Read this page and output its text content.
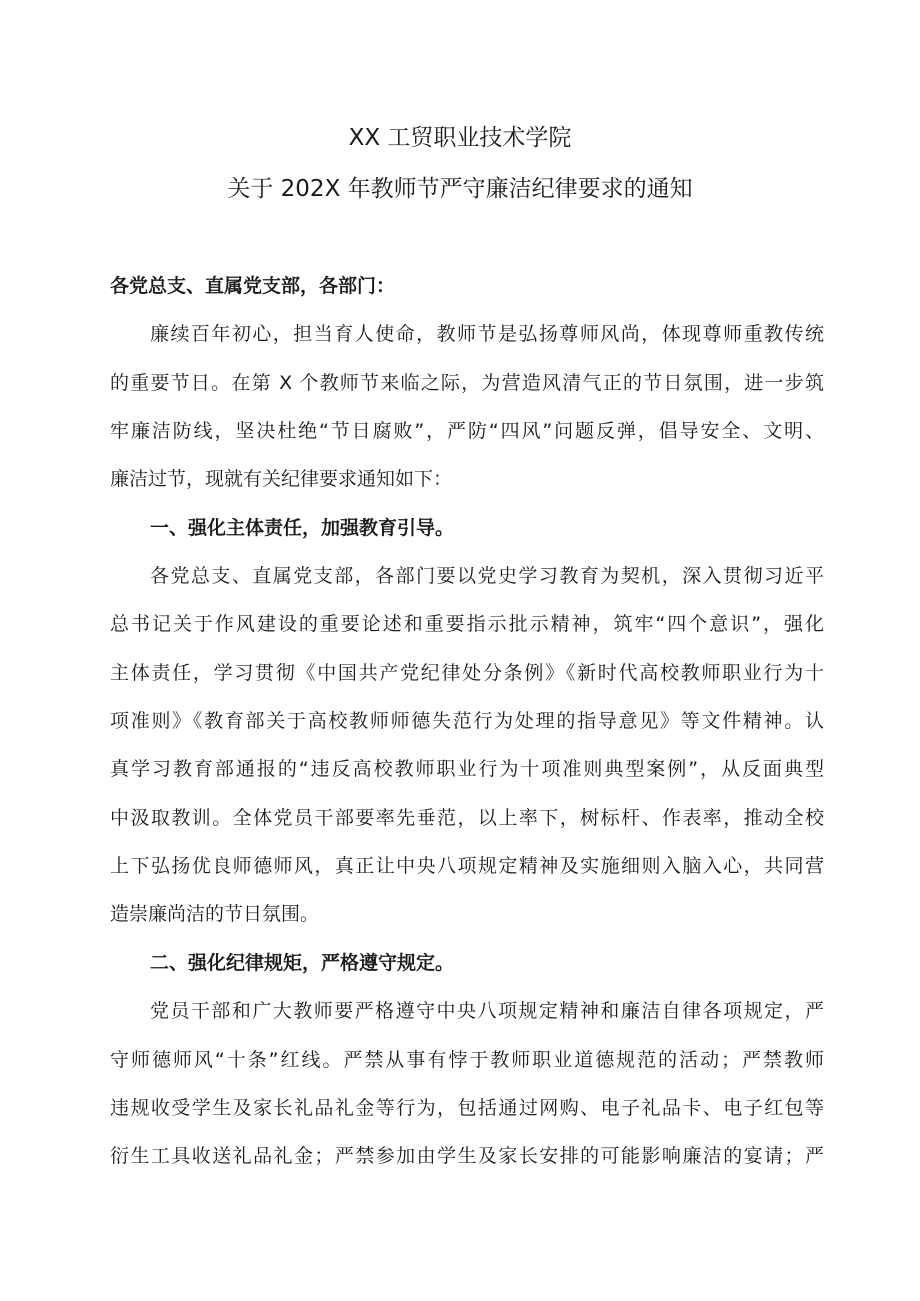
XX 工贸职业技术学院
关于 202X 年教师节严守廉洁纪律要求的通知
各党总支、直属党支部，各部门：
廉续百年初心，担当育人使命，教师节是弘扬尊师风尚，体现尊师重教传统
的重要节日。在第 X 个教师节来临之际，为营造风清气正的节日氛围，进一步筑
牢廉洁防线，坚决杜绝“节日腐败”，严防“四风”问题反弹，倡导安全、文明、
廉洁过节，现就有关纪律要求通知如下：
一、强化主体责任，加强教育引导。
各党总支、直属党支部，各部门要以党史学习教育为契机，深入贯彻习近平
总书记关于作风建设的重要论述和重要指示批示精神，筑牢“四个意识”，强化
主体责任，学习贯彻《中国共产党纪律处分条例》《新时代高校教师职业行为十
项准则》《教育部关于高校教师师德失范行为处理的指导意见》等文件精神。认
真学习教育部通报的“违反高校教师职业行为十项准则典型案例”，从反面典型
中汲取教训。全体党员干部要率先垂范，以上率下，树标杆、作表率，推动全校
上下弘扬优良师德师风，真正让中央八项规定精神及实施细则入脑入心，共同营
造崇廉尚洁的节日氛围。
二、强化纪律规矩，严格遵守规定。
党员干部和广大教师要严格遵守中央八项规定精神和廉洁自律各项规定，严
守师德师风“十条”红线。严禁从事有悖于教师职业道德规范的活动；严禁教师
违规收受学生及家长礼品礼金等行为，包括通过网购、电子礼品卡、电子红包等
衍生工具收送礼品礼金；严禁参加由学生及家长安排的可能影响廉洁的宴请；严
